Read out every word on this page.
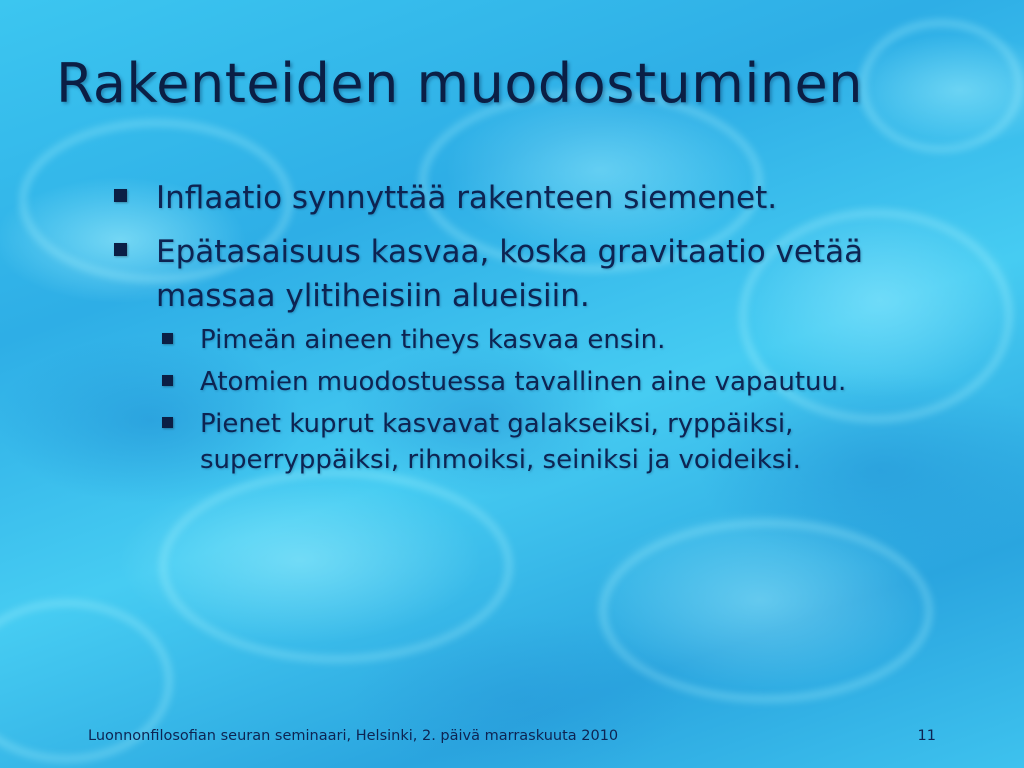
Rakenteiden muodostuminen
Inflaatio synnyttää rakenteen siemenet.
Epätasaisuus kasvaa, koska gravitaatio vetää massaa ylitiheisiin alueisiin.
Pimeän aineen tiheys kasvaa ensin.
Atomien muodostuessa tavallinen aine vapautuu.
Pienet kuprut kasvavat galakseiksi, ryppäiksi, superryppäiksi, rihmoiksi, seiniksi ja voideiksi.
Luonnonfilosofian seuran seminaari, Helsinki, 2. päivä marraskuuta 2010	11
